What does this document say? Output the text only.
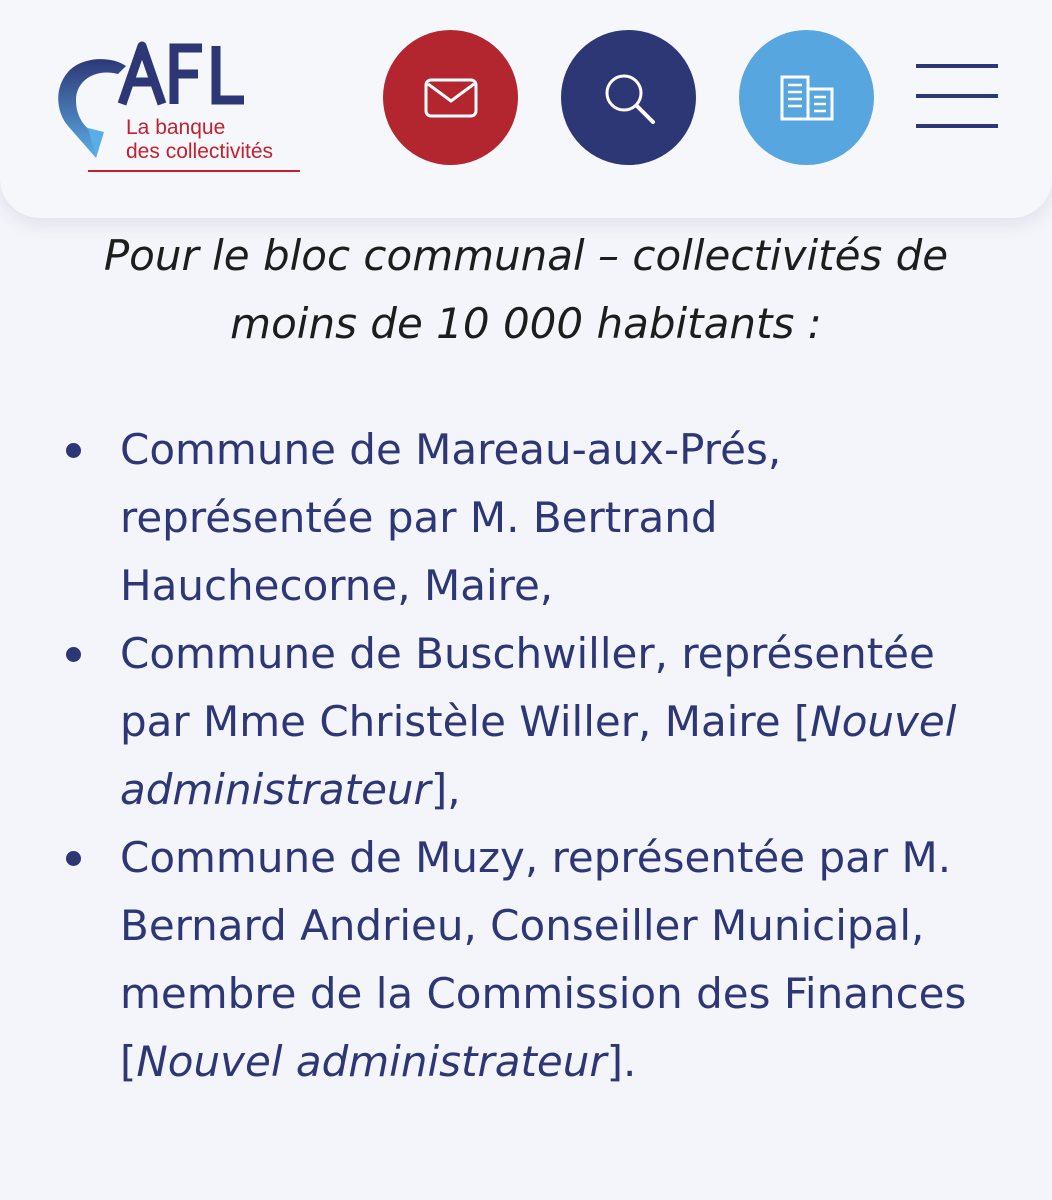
La banque
des collectivités

Pour le bloc communal – collectivités de moins de 10 000 habitants :

Commune de Mareau-aux-Prés, représentée par M. Bertrand Hauchecorne, Maire,
Commune de Buschwiller, représentée par Mme Christèle Willer, Maire [Nouvel administrateur],
Commune de Muzy, représentée par M. Bernard Andrieu, Conseiller Municipal, membre de la Commission des Finances [Nouvel administrateur].
